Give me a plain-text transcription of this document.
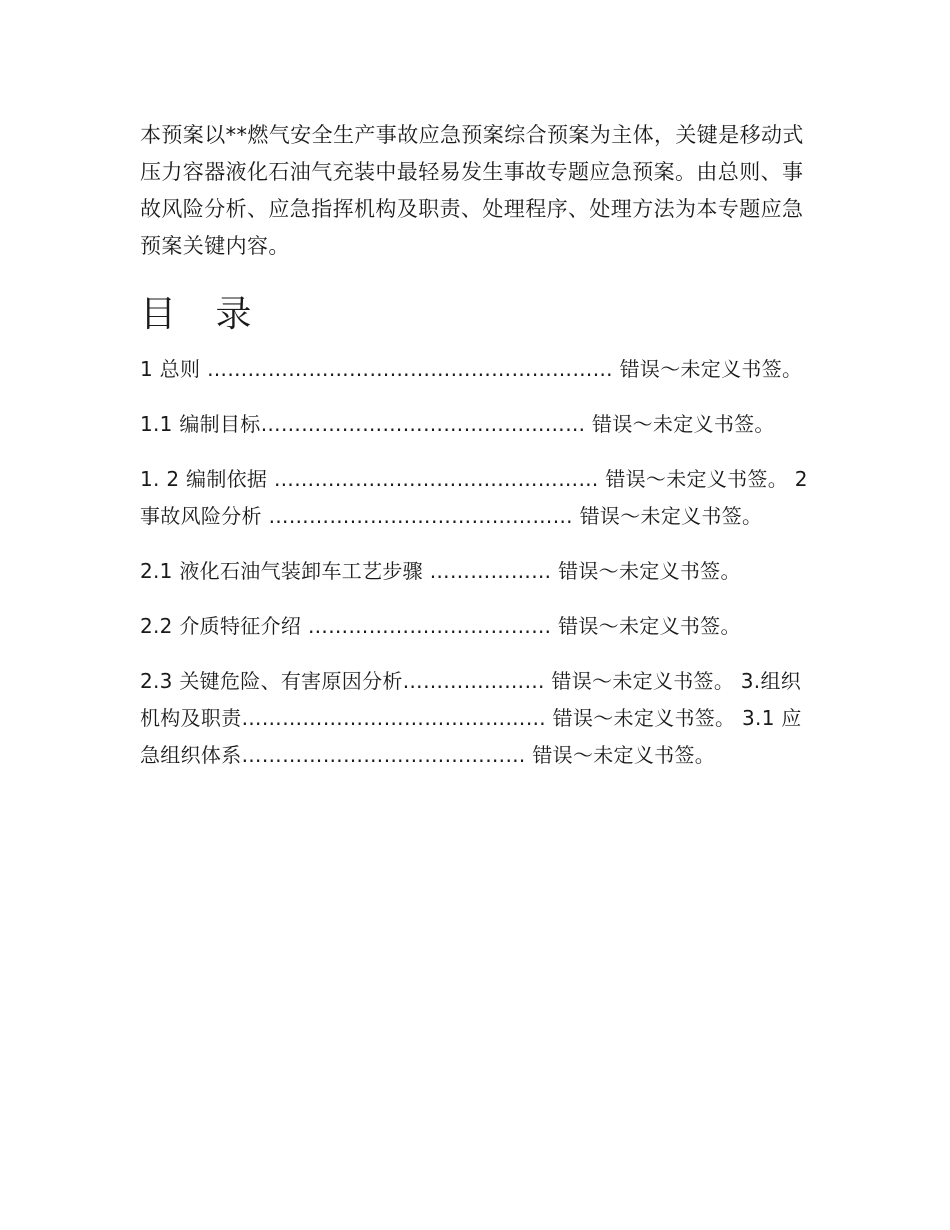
本预案以**燃气安全生产事故应急预案综合预案为主体，关键是移动式压力容器液化石油气充装中最轻易发生事故专题应急预案。由总则、事故风险分析、应急指挥机构及职责、处理程序、处理方法为本专题应急预案关键内容。

目 录

1 总则 …………………………………………………… 错误～未定义书签。

1.1 编制目标………………………………………… 错误～未定义书签。

1. 2 编制依据 ………………………………………… 错误～未定义书签。 2 事故风险分析 ……………………………………… 错误～未定义书签。

2.1 液化石油气装卸车工艺步骤 ……………… 错误～未定义书签。

2.2 介质特征介绍 ……………………………… 错误～未定义书签。

2.3 关键危险、有害原因分析………………… 错误～未定义书签。 3.组织机构及职责……………………………………… 错误～未定义书签。 3.1 应急组织体系…………………………………… 错误～未定义书签。
